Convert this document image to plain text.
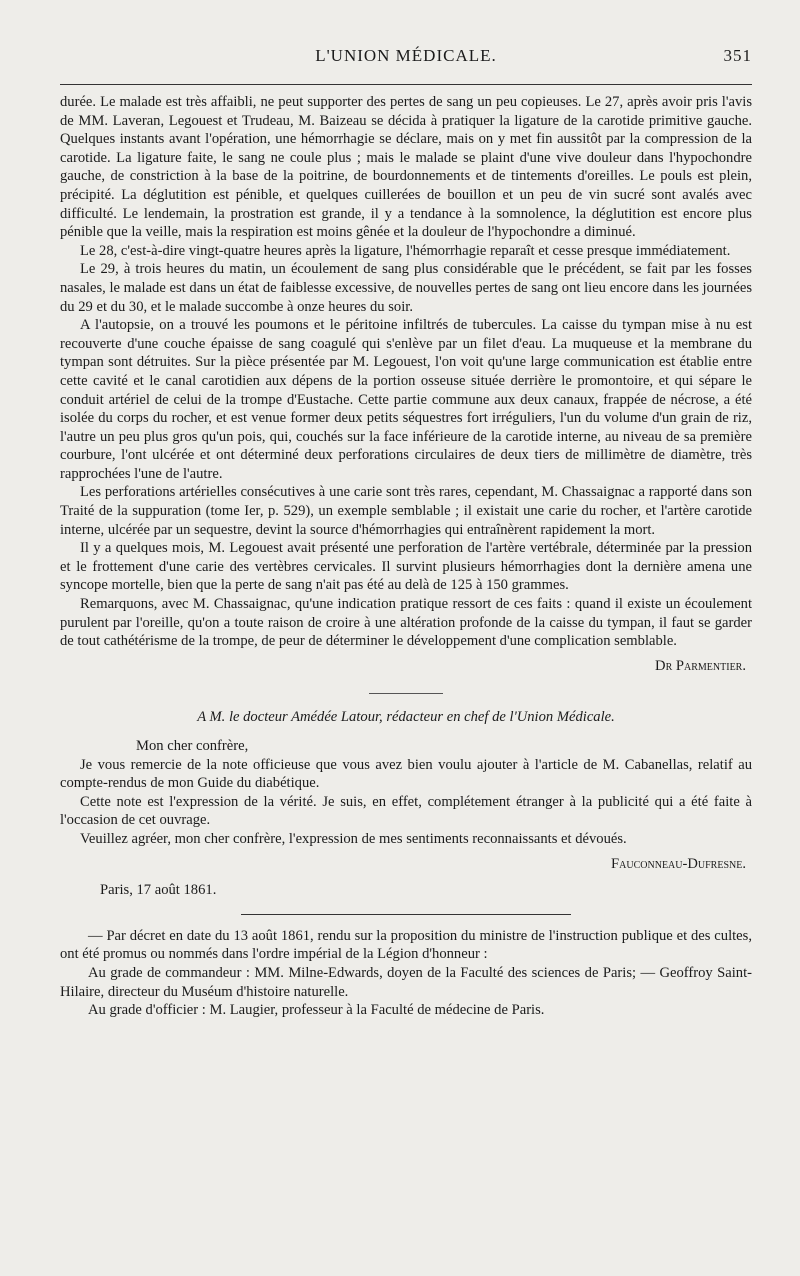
L'UNION MÉDICALE.	351

durée. Le malade est très affaibli, ne peut supporter des pertes de sang un peu copieuses. Le 27, après avoir pris l'avis de MM. Laveran, Legouest et Trudeau, M. Baizeau se décida à pratiquer la ligature de la carotide primitive gauche. Quelques instants avant l'opération, une hémorrhagie se déclare, mais on y met fin aussitôt par la compression de la carotide. La ligature faite, le sang ne coule plus ; mais le malade se plaint d'une vive douleur dans l'hypochondre gauche, de constriction à la base de la poitrine, de bourdonnements et de tintements d'oreilles. Le pouls est plein, précipité. La déglutition est pénible, et quelques cuillerées de bouillon et un peu de vin sucré sont avalés avec difficulté. Le lendemain, la prostration est grande, il y a tendance à la somnolence, la déglutition est encore plus pénible que la veille, mais la respiration est moins gênée et la douleur de l'hypochondre a diminué.

Le 28, c'est-à-dire vingt-quatre heures après la ligature, l'hémorrhagie reparaît et cesse presque immédiatement.

Le 29, à trois heures du matin, un écoulement de sang plus considérable que le précédent, se fait par les fosses nasales, le malade est dans un état de faiblesse excessive, de nouvelles pertes de sang ont lieu encore dans les journées du 29 et du 30, et le malade succombe à onze heures du soir.

A l'autopsie, on a trouvé les poumons et le péritoine infiltrés de tubercules. La caisse du tympan mise à nu est recouverte d'une couche épaisse de sang coagulé qui s'enlève par un filet d'eau. La muqueuse et la membrane du tympan sont détruites. Sur la pièce présentée par M. Legouest, l'on voit qu'une large communication est établie entre cette cavité et le canal carotidien aux dépens de la portion osseuse située derrière le promontoire, et qui sépare le conduit artériel de celui de la trompe d'Eustache. Cette partie commune aux deux canaux, frappée de nécrose, a été isolée du corps du rocher, et est venue former deux petits séquestres fort irréguliers, l'un du volume d'un grain de riz, l'autre un peu plus gros qu'un pois, qui, couchés sur la face inférieure de la carotide interne, au niveau de sa première courbure, l'ont ulcérée et ont déterminé deux perforations circulaires de deux tiers de millimètre de diamètre, très rapprochées l'une de l'autre.

Les perforations artérielles consécutives à une carie sont très rares, cependant, M. Chassaignac a rapporté dans son Traité de la suppuration (tome Ier, p. 529), un exemple semblable ; il existait une carie du rocher, et l'artère carotide interne, ulcérée par un sequestre, devint la source d'hémorrhagies qui entraînèrent rapidement la mort.

Il y a quelques mois, M. Legouest avait présenté une perforation de l'artère vertébrale, déterminée par la pression et le frottement d'une carie des vertèbres cervicales. Il survint plusieurs hémorrhagies dont la dernière amena une syncope mortelle, bien que la perte de sang n'ait pas été au delà de 125 à 150 grammes.

Remarquons, avec M. Chassaignac, qu'une indication pratique ressort de ces faits : quand il existe un écoulement purulent par l'oreille, qu'on a toute raison de croire à une altération profonde de la caisse du tympan, il faut se garder de tout cathétérisme de la trompe, de peur de déterminer le développement d'une complication semblable.

Dr Parmentier.
A M. le docteur Amédée Latour, rédacteur en chef de l'Union Médicale.

Mon cher confrère,

Je vous remercie de la note officieuse que vous avez bien voulu ajouter à l'article de M. Cabanellas, relatif au compte-rendus de mon Guide du diabétique.

Cette note est l'expression de la vérité. Je suis, en effet, complétement étranger à la publicité qui a été faite à l'occasion de cet ouvrage.

Veuillez agréer, mon cher confrère, l'expression de mes sentiments reconnaissants et dévoués.

Fauconneau-Dufresne.
Paris, 17 août 1861.

— Par décret en date du 13 août 1861, rendu sur la proposition du ministre de l'instruction publique et des cultes, ont été promus ou nommés dans l'ordre impérial de la Légion d'honneur :

Au grade de commandeur : MM. Milne-Edwards, doyen de la Faculté des sciences de Paris; — Geoffroy Saint-Hilaire, directeur du Muséum d'histoire naturelle.

Au grade d'officier : M. Laugier, professeur à la Faculté de médecine de Paris.
